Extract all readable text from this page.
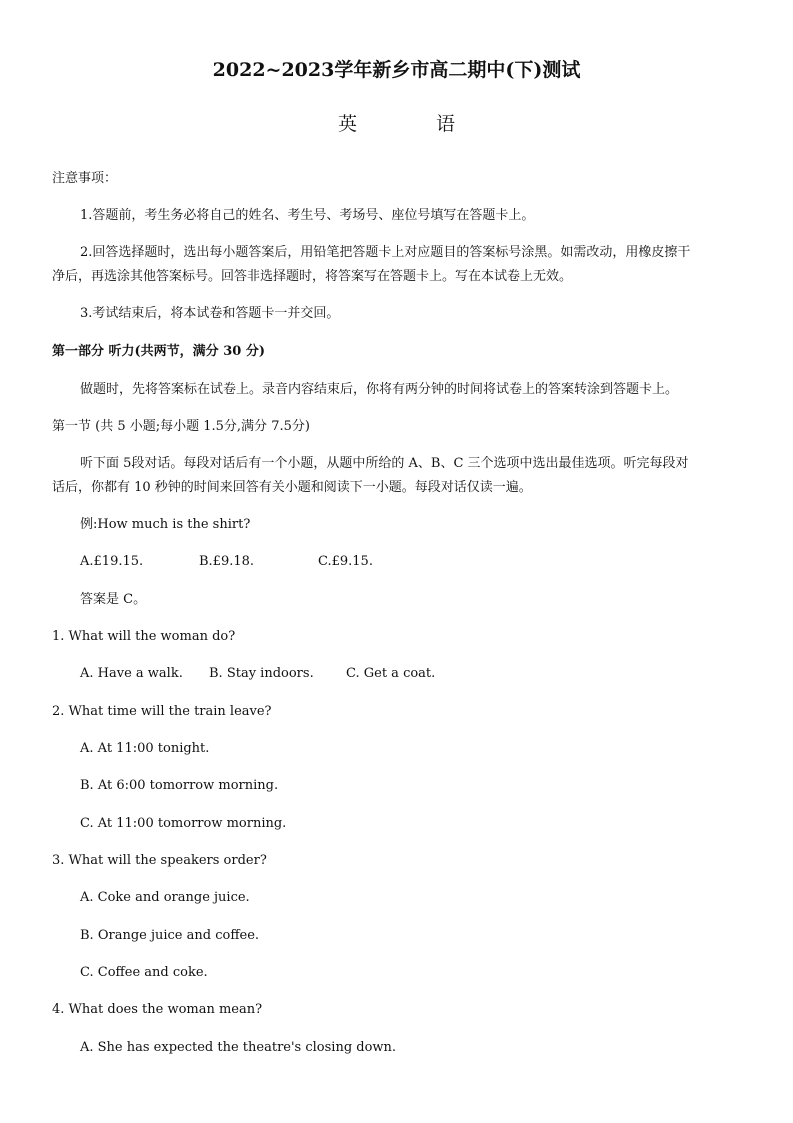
2022~2023学年新乡市高二期中(下)测试
英	语
注意事项：
1.答题前，考生务必将自己的姓名、考生号、考场号、座位号填写在答题卡上。
2.回答选择题时，选出每小题答案后，用铅笔把答题卡上对应题目的答案标号涂黑。如需改动，用橡皮擦干
净后，再选涂其他答案标号。回答非选择题时，将答案写在答题卡上。写在本试卷上无效。
3.考试结束后，将本试卷和答题卡一并交回。
第一部分 听力(共两节，满分 30 分)
做题时，先将答案标在试卷上。录音内容结束后，你将有两分钟的时间将试卷上的答案转涂到答题卡上。
第一节 (共 5 小题;每小题 1.5分,满分 7.5分)
听下面 5段对话。每段对话后有一个小题，从题中所给的 A、B、C 三个选项中选出最佳选项。听完每段对
话后，你都有 10 秒钟的时间来回答有关小题和阅读下一小题。每段对话仅读一遍。
例:How much is the shirt?
A.£19.15.	B.£9.18.	C.£9.15.
答案是 C。
1. What will the woman do?
A. Have a walk. B. Stay indoors. C. Get a coat.
2. What time will the train leave?
A. At 11:00 tonight.
B. At 6:00 tomorrow morning.
C. At 11:00 tomorrow morning.
3. What will the speakers order?
A. Coke and orange juice.
B. Orange juice and coffee.
C. Coffee and coke.
4. What does the woman mean?
A. She has expected the theatre's closing down.
